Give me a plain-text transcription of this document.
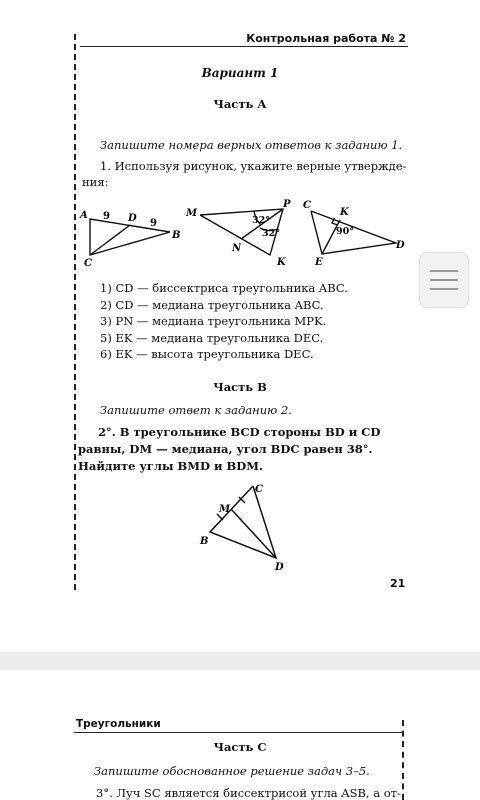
Контрольная работа № 2
Вариант 1
Часть А
Запишите номера верных ответов к заданию 1.
1. Используя рисунок, укажите верные утвержде-ния:
A 9 D 9
B
C
M
P
32°
32°
N
K
C
K
90°
D
E
1) CD — биссектриса треугольника ABC.
2) CD — медиана треугольника ABC.
3) PN — медиана треугольника MPK.
5) EK — медиана треугольника DEC.
6) EK — высота треугольника DEC.
Часть В
Запишите ответ к заданию 2.
2°. В треугольнике BCD стороны BD и CD равны, DM — медиана, угол BDC равен 38°. Найдите углы BMD и BDM.
C
M
B
D
21
Треугольники
Часть С
Запишите обоснованное решение задач 3–5.
3°. Луч SC является биссектрисой угла ASB, а от-
